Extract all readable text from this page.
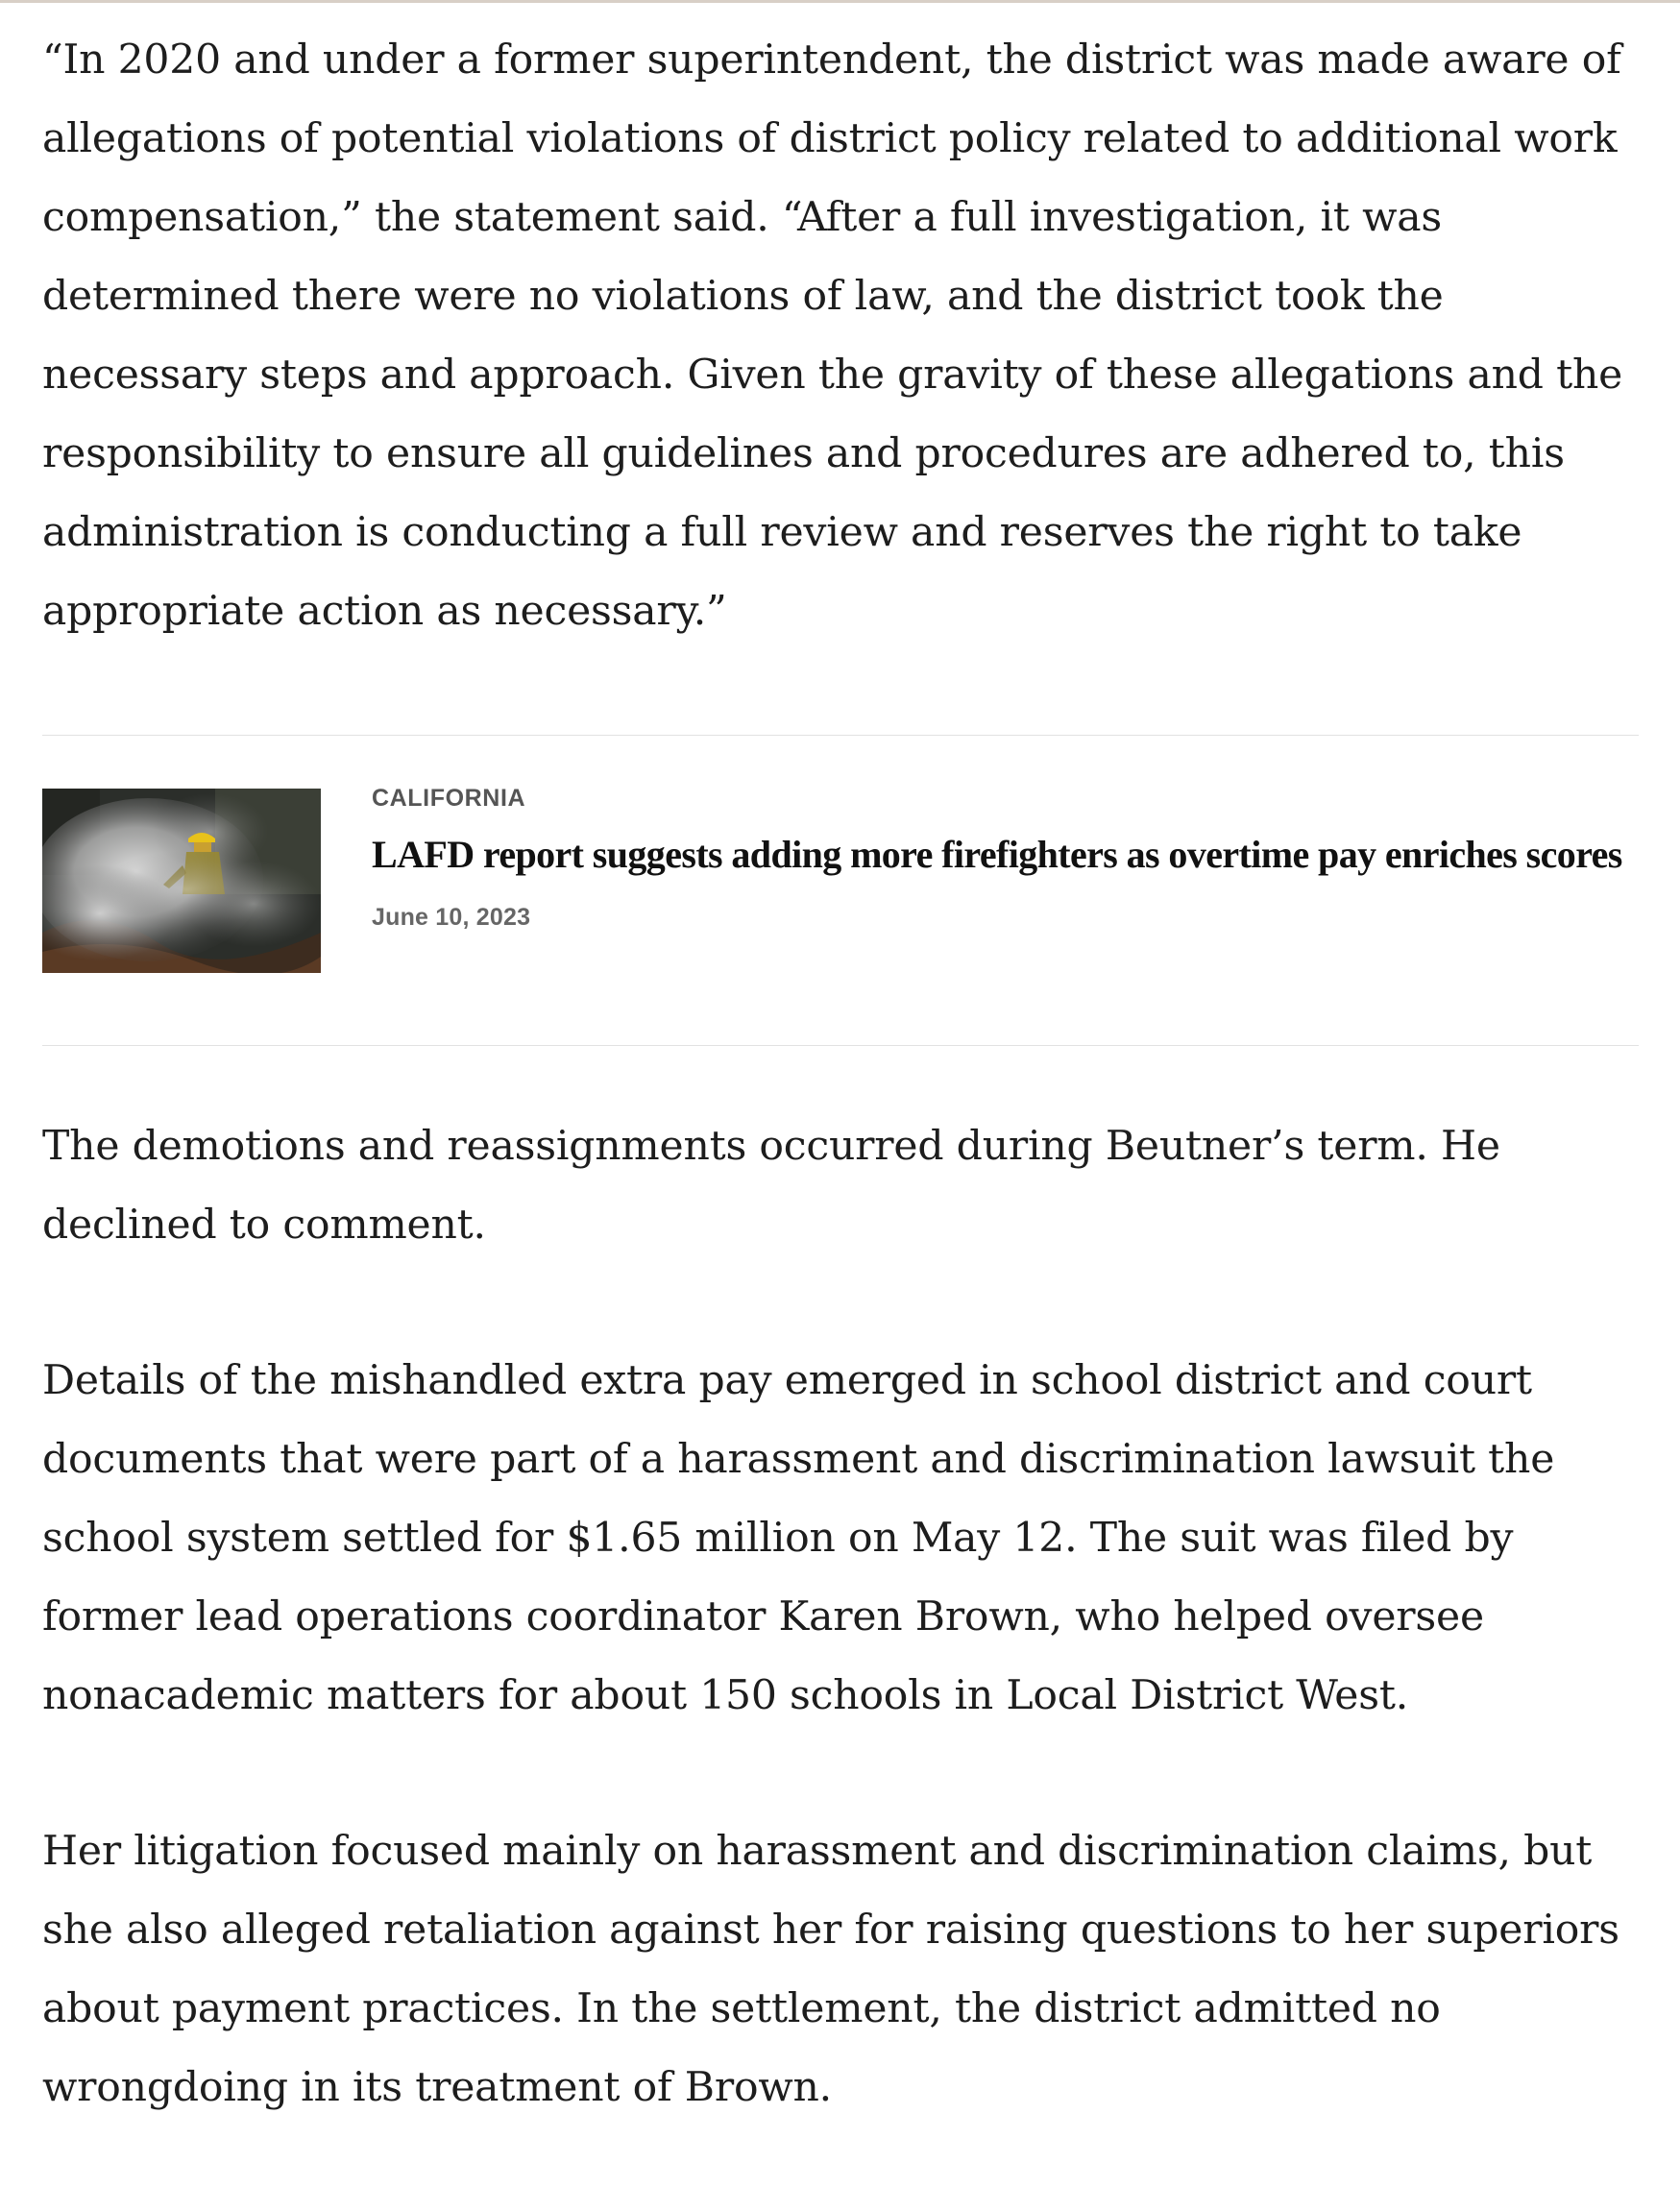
“In 2020 and under a former superintendent, the district was made aware of allegations of potential violations of district policy related to additional work compensation,” the statement said. “After a full investigation, it was determined there were no violations of law, and the district took the necessary steps and approach. Given the gravity of these allegations and the responsibility to ensure all guidelines and procedures are adhered to, this administration is conducting a full review and reserves the right to take appropriate action as necessary.”

CALIFORNIA
LAFD report suggests adding more firefighters as overtime pay enriches scores
June 10, 2023

The demotions and reassignments occurred during Beutner’s term. He declined to comment.

Details of the mishandled extra pay emerged in school district and court documents that were part of a harassment and discrimination lawsuit the school system settled for $1.65 million on May 12. The suit was filed by former lead operations coordinator Karen Brown, who helped oversee nonacademic matters for about 150 schools in Local District West.

Her litigation focused mainly on harassment and discrimination claims, but she also alleged retaliation against her for raising questions to her superiors about payment practices. In the settlement, the district admitted no wrongdoing in its treatment of Brown.
